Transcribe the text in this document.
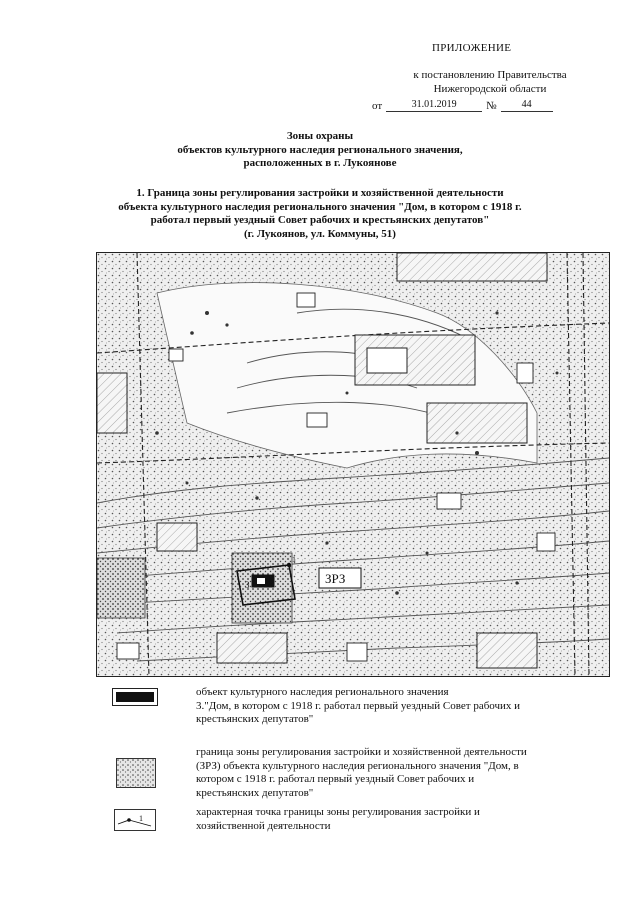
ПРИЛОЖЕНИЕ
к постановлению Правительства
Нижегородской области
от	31.01.2019	№	44
Зоны охраны
объектов культурного наследия регионального значения,
расположенных в г. Лукоянове
1. Граница зоны регулирования застройки и хозяйственной деятельности
объекта культурного наследия регионального значения "Дом, в котором с 1918 г.
работал первый уездный Совет рабочих и крестьянских депутатов"
(г. Лукоянов, ул. Коммуны, 51)
3
1
ЗРЗ
1
объект культурного наследия регионального значения
3."Дом, в котором с 1918 г. работал первый уездный Совет рабочих и
крестьянских депутатов"
граница зоны регулирования застройки и хозяйственной деятельности
(ЗРЗ) объекта культурного наследия регионального значения "Дом, в
котором с 1918 г. работал первый уездный Совет рабочих и
крестьянских депутатов"
характерная точка границы зоны регулирования застройки и
хозяйственной деятельности
